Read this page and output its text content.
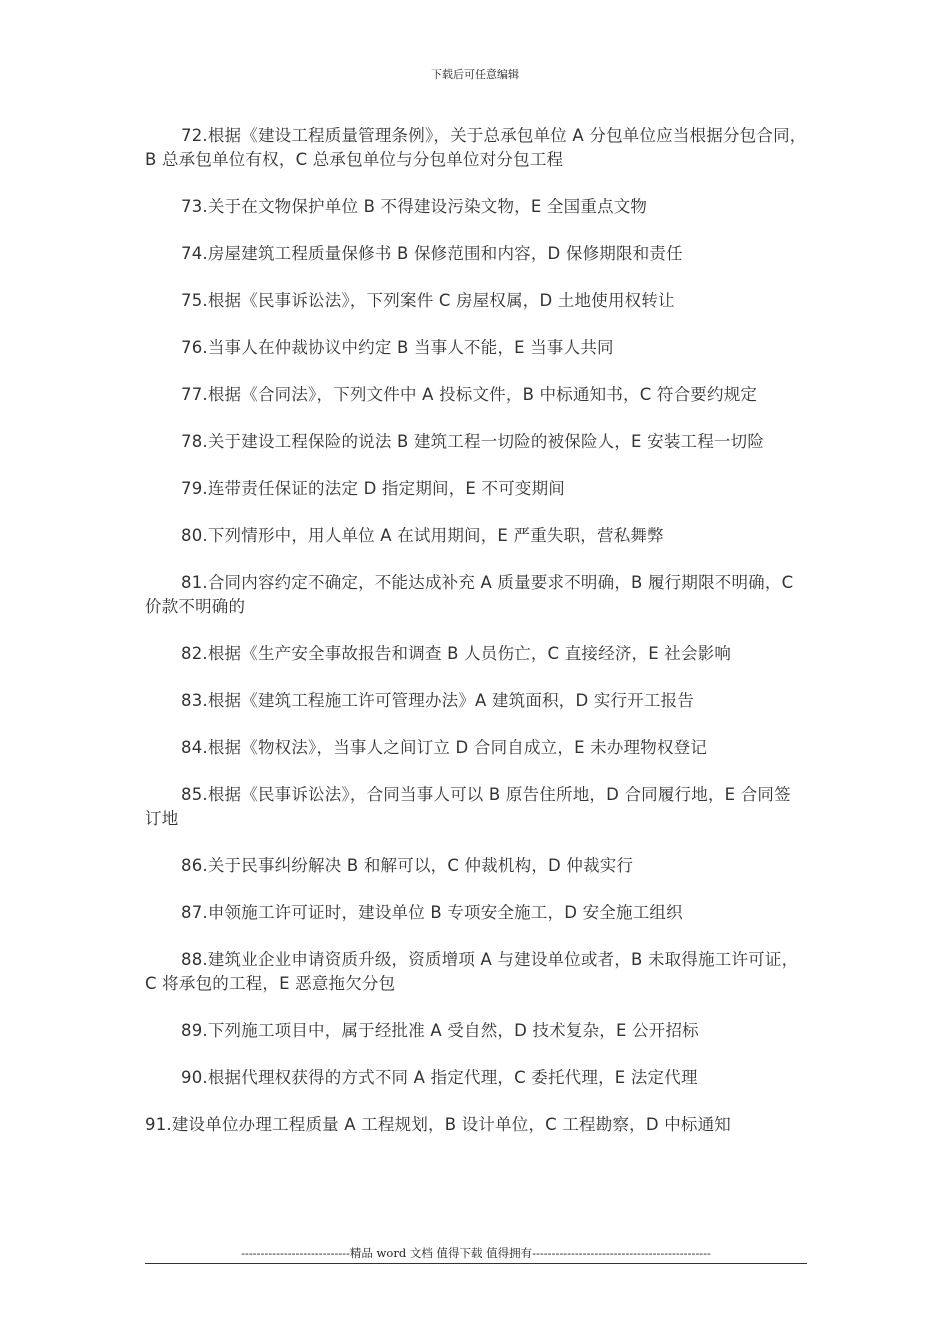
下载后可任意编辑

72.根据《建设工程质量管理条例》，关于总承包单位 A 分包单位应当根据分包合同，B 总承包单位有权，C 总承包单位与分包单位对分包工程

73.关于在文物保护单位 B 不得建设污染文物，E 全国重点文物

74.房屋建筑工程质量保修书 B 保修范围和内容，D 保修期限和责任

75.根据《民事诉讼法》，下列案件 C 房屋权属，D 土地使用权转让

76.当事人在仲裁协议中约定 B 当事人不能，E 当事人共同

77.根据《合同法》，下列文件中 A 投标文件，B 中标通知书，C 符合要约规定

78.关于建设工程保险的说法 B 建筑工程一切险的被保险人，E 安装工程一切险

79.连带责任保证的法定 D 指定期间，E 不可变期间

80.下列情形中，用人单位 A 在试用期间，E 严重失职，营私舞弊

81.合同内容约定不确定，不能达成补充 A 质量要求不明确，B 履行期限不明确，C 价款不明确的

82.根据《生产安全事故报告和调查 B 人员伤亡，C 直接经济，E 社会影响

83.根据《建筑工程施工许可管理办法》A 建筑面积，D 实行开工报告

84.根据《物权法》，当事人之间订立 D 合同自成立，E 未办理物权登记

85.根据《民事诉讼法》，合同当事人可以 B 原告住所地，D 合同履行地，E 合同签订地

86.关于民事纠纷解决 B 和解可以，C 仲裁机构，D 仲裁实行

87.申领施工许可证时，建设单位 B 专项安全施工，D 安全施工组织

88.建筑业企业申请资质升级，资质增项 A 与建设单位或者，B 未取得施工许可证，C 将承包的工程，E 恶意拖欠分包

89.下列施工项目中，属于经批准 A 受自然，D 技术复杂，E 公开招标

90.根据代理权获得的方式不同 A 指定代理，C 委托代理，E 法定代理

91.建设单位办理工程质量 A 工程规划，B 设计单位，C 工程勘察，D 中标通知

----------------------------精品 word 文档 值得下载 值得拥有----------------------------------------------
